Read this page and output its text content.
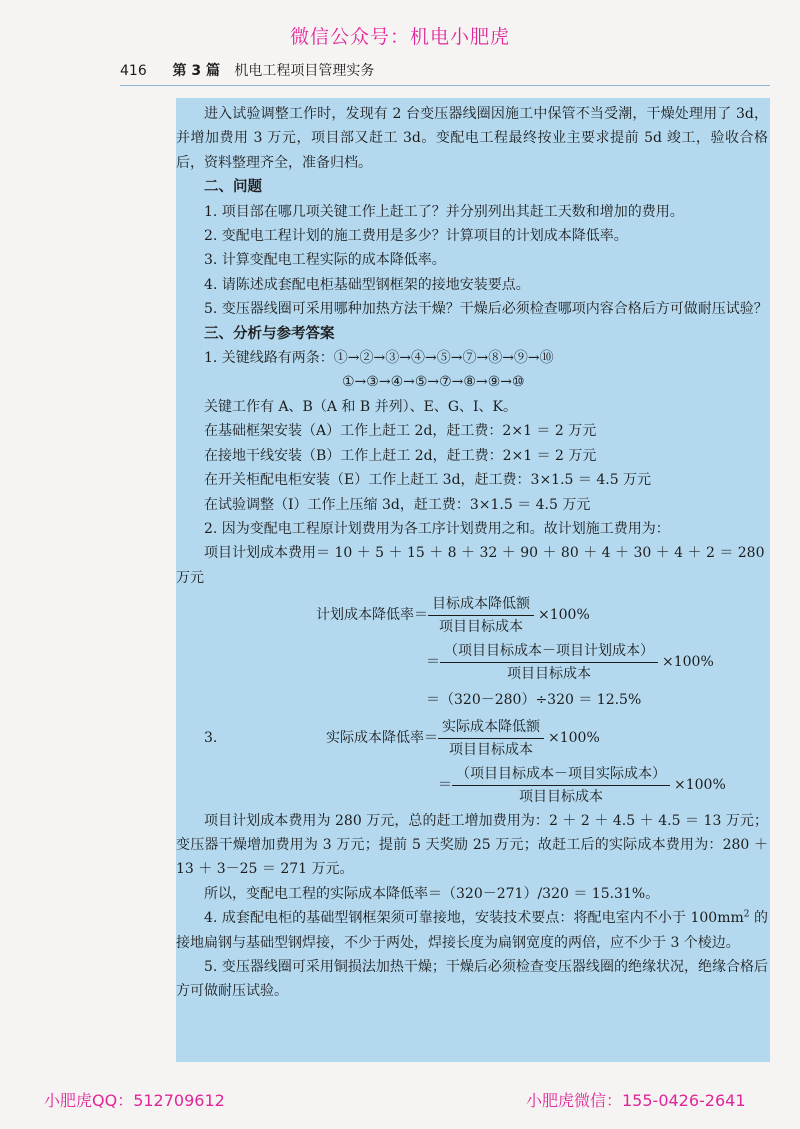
微信公众号：机电小肥虎
416 第 3 篇 机电工程项目管理实务

进入试验调整工作时，发现有 2 台变压器线圈因施工中保管不当受潮，干燥处理用了 3d，并增加费用 3 万元，项目部又赶工 3d。变配电工程最终按业主要求提前 5d 竣工，验收合格后，资料整理齐全，准备归档。

二、问题

1. 项目部在哪几项关键工作上赶工了？并分别列出其赶工天数和增加的费用。

2. 变配电工程计划的施工费用是多少？计算项目的计划成本降低率。

3. 计算变配电工程实际的成本降低率。

4. 请陈述成套配电柜基础型钢框架的接地安装要点。

5. 变压器线圈可采用哪种加热方法干燥？干燥后必须检查哪项内容合格后方可做耐压试验？

三、分析与参考答案

1. 关键线路有两条：①→②→③→④→⑤→⑦→⑧→⑨→⑩

①→③→④→⑤→⑦→⑧→⑨→⑩

关键工作有 A、B（A 和 B 并列）、E、G、I、K。

在基础框架安装（A）工作上赶工 2d，赶工费：2×1 ＝ 2 万元

在接地干线安装（B）工作上赶工 2d，赶工费：2×1 ＝ 2 万元

在开关柜配电柜安装（E）工作上赶工 3d，赶工费：3×1.5 ＝ 4.5 万元

在试验调整（I）工作上压缩 3d，赶工费：3×1.5 ＝ 4.5 万元

2. 因为变配电工程原计划费用为各工序计划费用之和。故计划施工费用为：

项目计划成本费用＝ 10 ＋ 5 ＋ 15 ＋ 8 ＋ 32 ＋ 90 ＋ 80 ＋ 4 ＋ 30 ＋ 4 ＋ 2 ＝ 280 万元

计划成本降低率＝ $\frac{\text{目标成本降低额}}{\text{项目目标成本}} \times 100\%$
＝ $\frac{\text{（项目目标成本－项目计划成本）}}{\text{项目目标成本}} \times 100\%$
＝（320－280）÷320 ＝ 12.5%
3.	实际成本降低率＝ $\frac{\text{实际成本降低额}}{\text{项目目标成本}} \times 100\%$
＝ $\frac{\text{（项目目标成本－项目实际成本）}}{\text{项目目标成本}} \times 100\%$

项目计划成本费用为 280 万元，总的赶工增加费用为：2 ＋ 2 ＋ 4.5 ＋ 4.5 ＝ 13 万元；变压器干燥增加费用为 3 万元；提前 5 天奖励 25 万元；故赶工后的实际成本费用为：280 ＋ 13 ＋ 3－25 ＝ 271 万元。

所以，变配电工程的实际成本降低率＝（320－271）/320 ＝ 15.31%。

4. 成套配电柜的基础型钢框架须可靠接地，安装技术要点：将配电室内不小于 $100mm^2$ 的接地扁钢与基础型钢焊接，不少于两处，焊接长度为扁钢宽度的两倍，应不少于 3 个棱边。

5. 变压器线圈可采用铜损法加热干燥；干燥后必须检查变压器线圈的绝缘状况，绝缘合格后方可做耐压试验。

小肥虎QQ：512709612	小肥虎微信：155-0426-2641
